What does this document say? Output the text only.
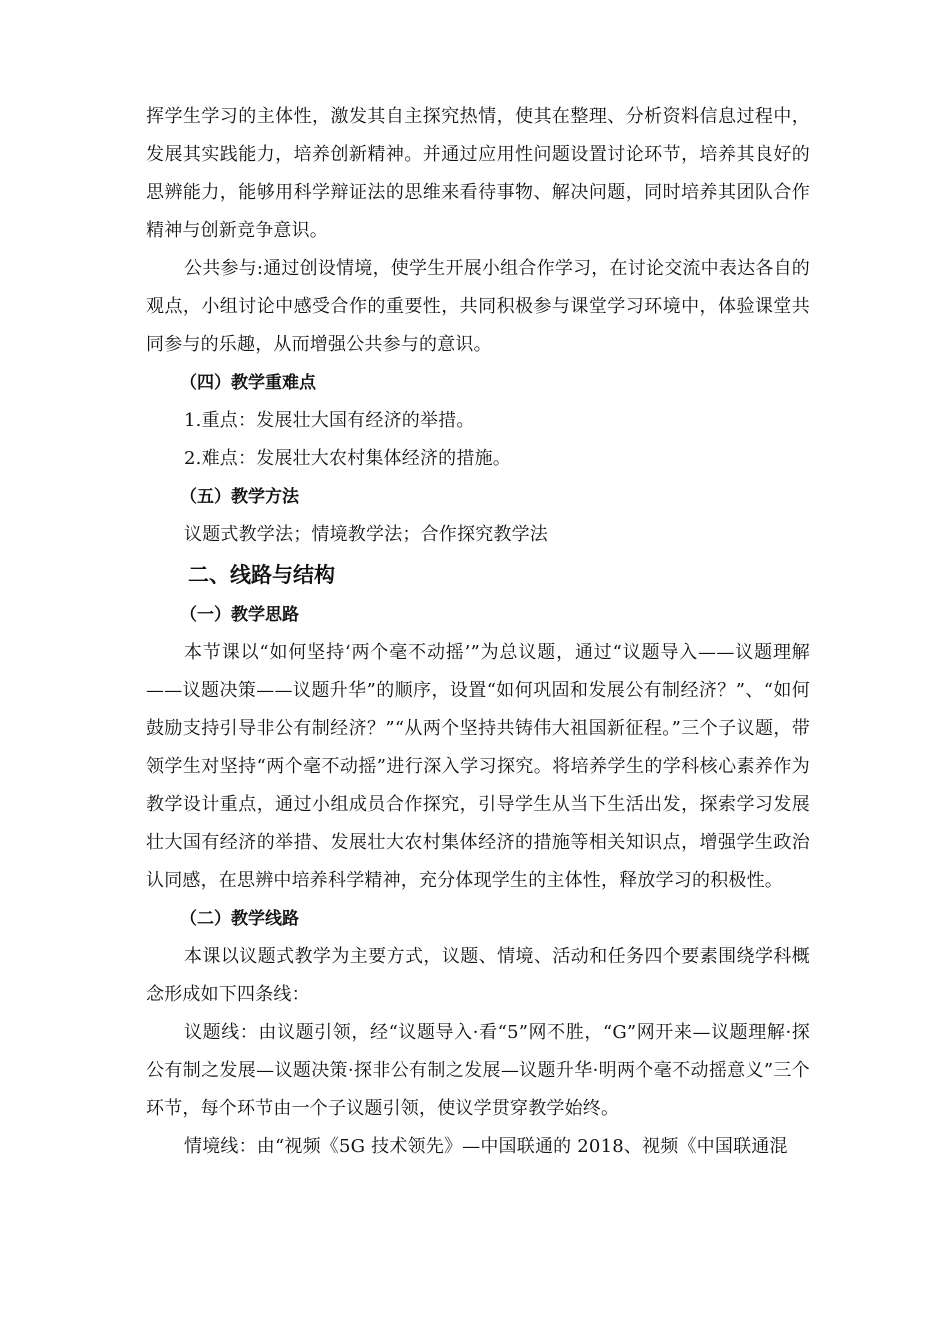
挥学生学习的主体性，激发其自主探究热情，使其在整理、分析资料信息过程中，发展其实践能力，培养创新精神。并通过应用性问题设置讨论环节，培养其良好的思辨能力，能够用科学辩证法的思维来看待事物、解决问题，同时培养其团队合作精神与创新竞争意识。

公共参与:通过创设情境，使学生开展小组合作学习，在讨论交流中表达各自的观点，小组讨论中感受合作的重要性，共同积极参与课堂学习环境中，体验课堂共同参与的乐趣，从而增强公共参与的意识。

（四）教学重难点

1.重点：发展壮大国有经济的举措。

2.难点：发展壮大农村集体经济的措施。

（五）教学方法

议题式教学法；情境教学法；合作探究教学法

二、线路与结构

（一）教学思路

本节课以“如何坚持‘两个毫不动摇’”为总议题，通过“议题导入——议题理解——议题决策——议题升华”的顺序，设置“如何巩固和发展公有制经济？”、“如何鼓励支持引导非公有制经济？”“从两个坚持共铸伟大祖国新征程。”三个子议题，带领学生对坚持“两个毫不动摇”进行深入学习探究。将培养学生的学科核心素养作为教学设计重点，通过小组成员合作探究，引导学生从当下生活出发，探索学习发展壮大国有经济的举措、发展壮大农村集体经济的措施等相关知识点，增强学生政治认同感，在思辨中培养科学精神，充分体现学生的主体性，释放学习的积极性。

（二）教学线路

本课以议题式教学为主要方式，议题、情境、活动和任务四个要素围绕学科概念形成如下四条线：

议题线：由议题引领，经“议题导入·看“5”网不胜，“G”网开来—议题理解·探公有制之发展—议题决策·探非公有制之发展—议题升华·明两个毫不动摇意义”三个环节，每个环节由一个子议题引领，使议学贯穿教学始终。

情境线：由“视频《5G 技术领先》—中国联通的 2018、视频《中国联通混
